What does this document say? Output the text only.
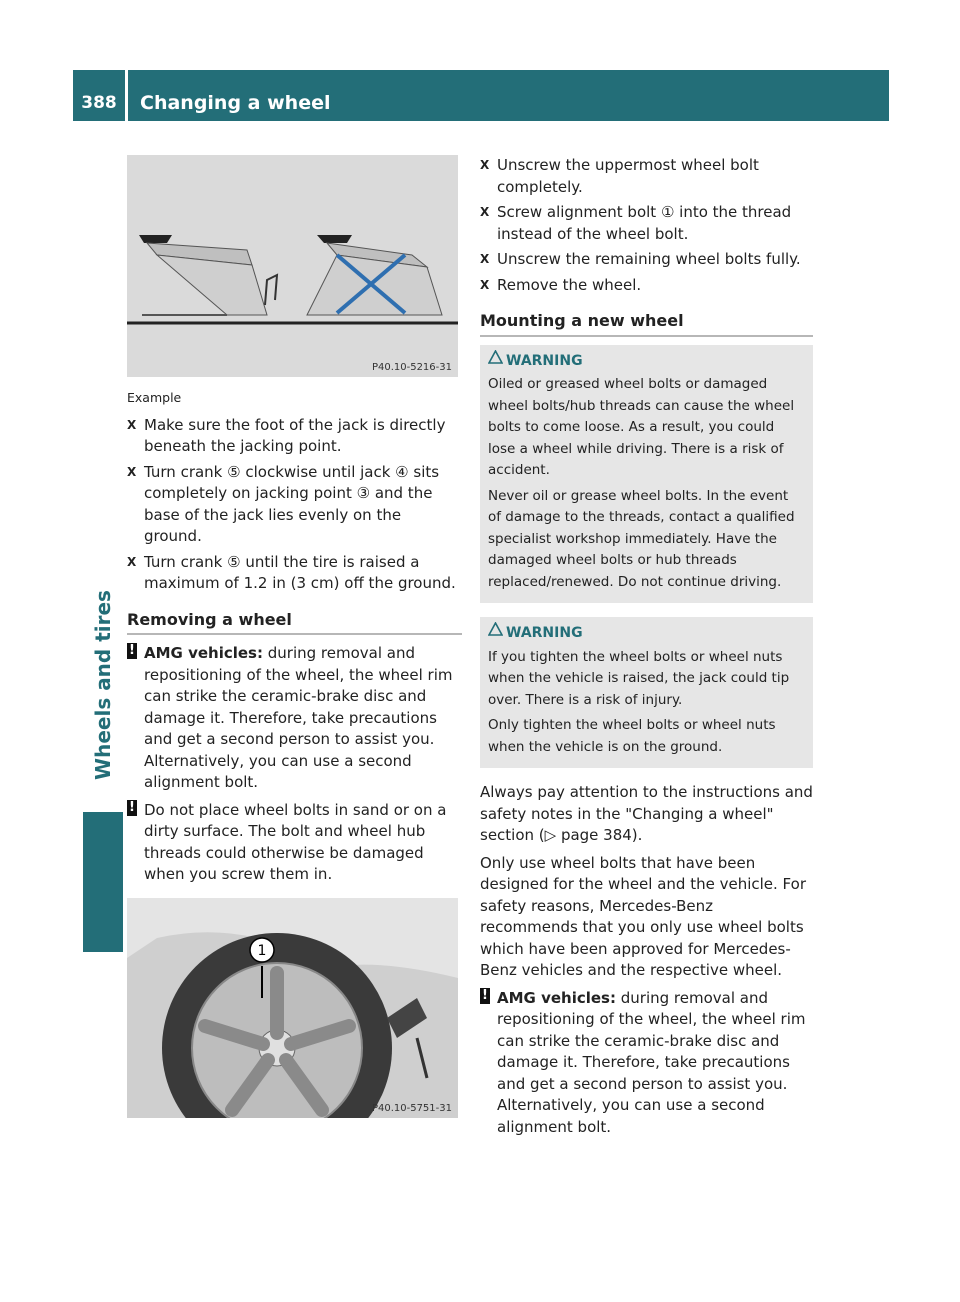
388	Changing a wheel
Wheels and tires
P40.10-5216-31
Example
X Make sure the foot of the jack is directly beneath the jacking point.
X Turn crank ⑤ clockwise until jack ④ sits completely on jacking point ③ and the base of the jack lies evenly on the ground.
X Turn crank ⑤ until the tire is raised a maximum of 1.2 in (3 cm) off the ground.
Removing a wheel
! AMG vehicles: during removal and repositioning of the wheel, the wheel rim can strike the ceramic-brake disc and damage it. Therefore, take precautions and get a second person to assist you. Alternatively, you can use a second alignment bolt.
! Do not place wheel bolts in sand or on a dirty surface. The bolt and wheel hub threads could otherwise be damaged when you screw them in.
1
P40.10-5751-31
X Unscrew the uppermost wheel bolt completely.
X Screw alignment bolt ① into the thread instead of the wheel bolt.
X Unscrew the remaining wheel bolts fully.
X Remove the wheel.
Mounting a new wheel
WARNING

Oiled or greased wheel bolts or damaged wheel bolts/hub threads can cause the wheel bolts to come loose. As a result, you could lose a wheel while driving. There is a risk of accident.

Never oil or grease wheel bolts. In the event of damage to the threads, contact a qualified specialist workshop immediately. Have the damaged wheel bolts or hub threads replaced/renewed. Do not continue driving.

WARNING

If you tighten the wheel bolts or wheel nuts when the vehicle is raised, the jack could tip over. There is a risk of injury.

Only tighten the wheel bolts or wheel nuts when the vehicle is on the ground.

Always pay attention to the instructions and safety notes in the "Changing a wheel" section (▷ page 384).

Only use wheel bolts that have been designed for the wheel and the vehicle. For safety reasons, Mercedes-Benz recommends that you only use wheel bolts which have been approved for Mercedes-Benz vehicles and the respective wheel.

! AMG vehicles: during removal and repositioning of the wheel, the wheel rim can strike the ceramic-brake disc and damage it. Therefore, take precautions and get a second person to assist you. Alternatively, you can use a second alignment bolt.
